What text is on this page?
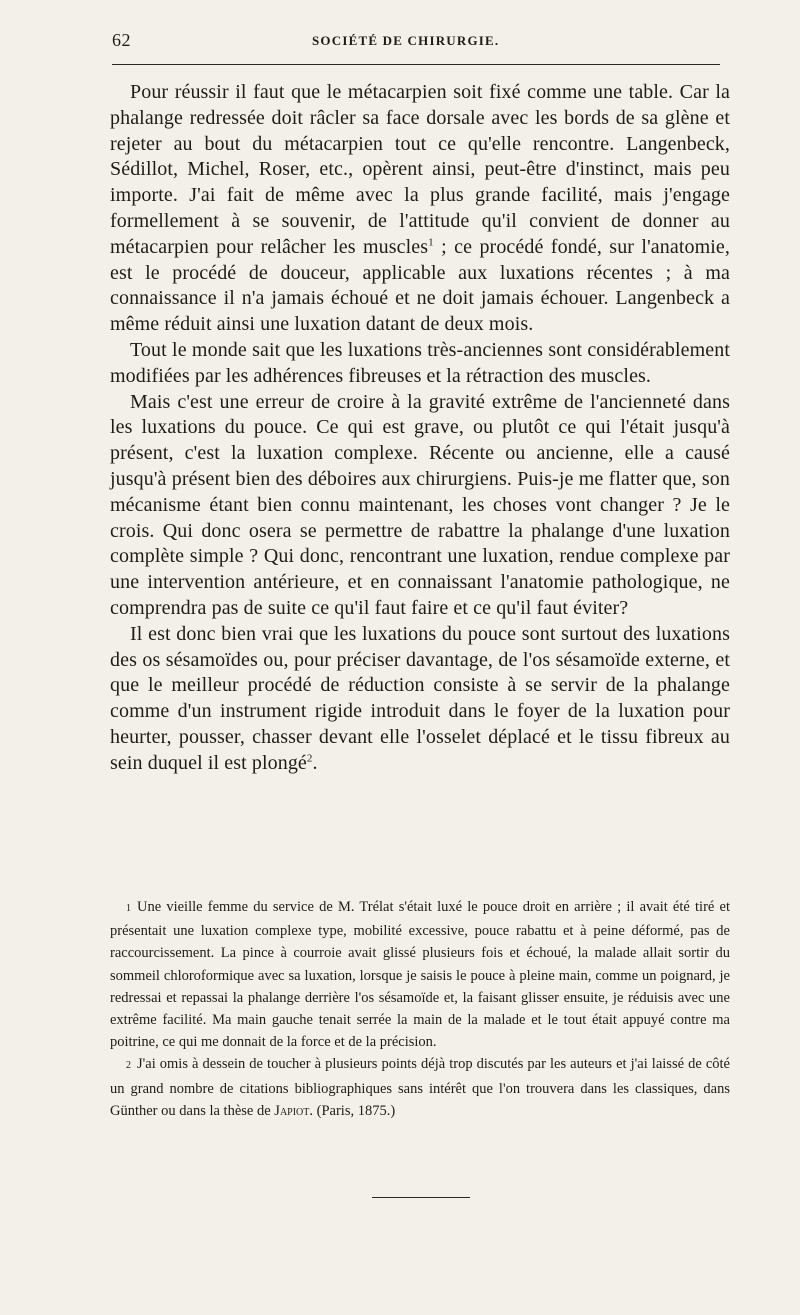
62	SOCIÉTÉ DE CHIRURGIE.

Pour réussir il faut que le métacarpien soit fixé comme une table. Car la phalange redressée doit râcler sa face dorsale avec les bords de sa glène et rejeter au bout du métacarpien tout ce qu'elle rencontre. Langenbeck, Sédillot, Michel, Roser, etc., opèrent ainsi, peut-être d'instinct, mais peu importe. J'ai fait de même avec la plus grande facilité, mais j'engage formellement à se souvenir, de l'attitude qu'il convient de donner au métacarpien pour relâcher les muscles$^1$ ; ce procédé fondé, sur l'anatomie, est le procédé de douceur, applicable aux luxations récentes ; à ma connaissance il n'a jamais échoué et ne doit jamais échouer. Langenbeck a même réduit ainsi une luxation datant de deux mois.

Tout le monde sait que les luxations très-anciennes sont considérablement modifiées par les adhérences fibreuses et la rétraction des muscles.

Mais c'est une erreur de croire à la gravité extrême de l'ancienneté dans les luxations du pouce. Ce qui est grave, ou plutôt ce qui l'était jusqu'à présent, c'est la luxation complexe. Récente ou ancienne, elle a causé jusqu'à présent bien des déboires aux chirurgiens. Puis-je me flatter que, son mécanisme étant bien connu maintenant, les choses vont changer ? Je le crois. Qui donc osera se permettre de rabattre la phalange d'une luxation complète simple ? Qui donc, rencontrant une luxation, rendue complexe par une intervention antérieure, et en connaissant l'anatomie pathologique, ne comprendra pas de suite ce qu'il faut faire et ce qu'il faut éviter?

Il est donc bien vrai que les luxations du pouce sont surtout des luxations des os sésamoïdes ou, pour préciser davantage, de l'os sésamoïde externe, et que le meilleur procédé de réduction consiste à se servir de la phalange comme d'un instrument rigide introduit dans le foyer de la luxation pour heurter, pousser, chasser devant elle l'osselet déplacé et le tissu fibreux au sein duquel il est plongé$^2$.

1 Une vieille femme du service de M. Trélat s'était luxé le pouce droit en arrière ; il avait été tiré et présentait une luxation complexe type, mobilité excessive, pouce rabattu et à peine déformé, pas de raccourcissement. La pince à courroie avait glissé plusieurs fois et échoué, la malade allait sortir du sommeil chloroformique avec sa luxation, lorsque je saisis le pouce à pleine main, comme un poignard, je redressai et repassai la phalange derrière l'os sésamoïde et, la faisant glisser ensuite, je réduisis avec une extrême facilité. Ma main gauche tenait serrée la main de la malade et le tout était appuyé contre ma poitrine, ce qui me donnait de la force et de la précision.

2 J'ai omis à dessein de toucher à plusieurs points déjà trop discutés par les auteurs et j'ai laissé de côté un grand nombre de citations bibliographiques sans intérêt que l'on trouvera dans les classiques, dans Günther ou dans la thèse de Japiot. (Paris, 1875.)
